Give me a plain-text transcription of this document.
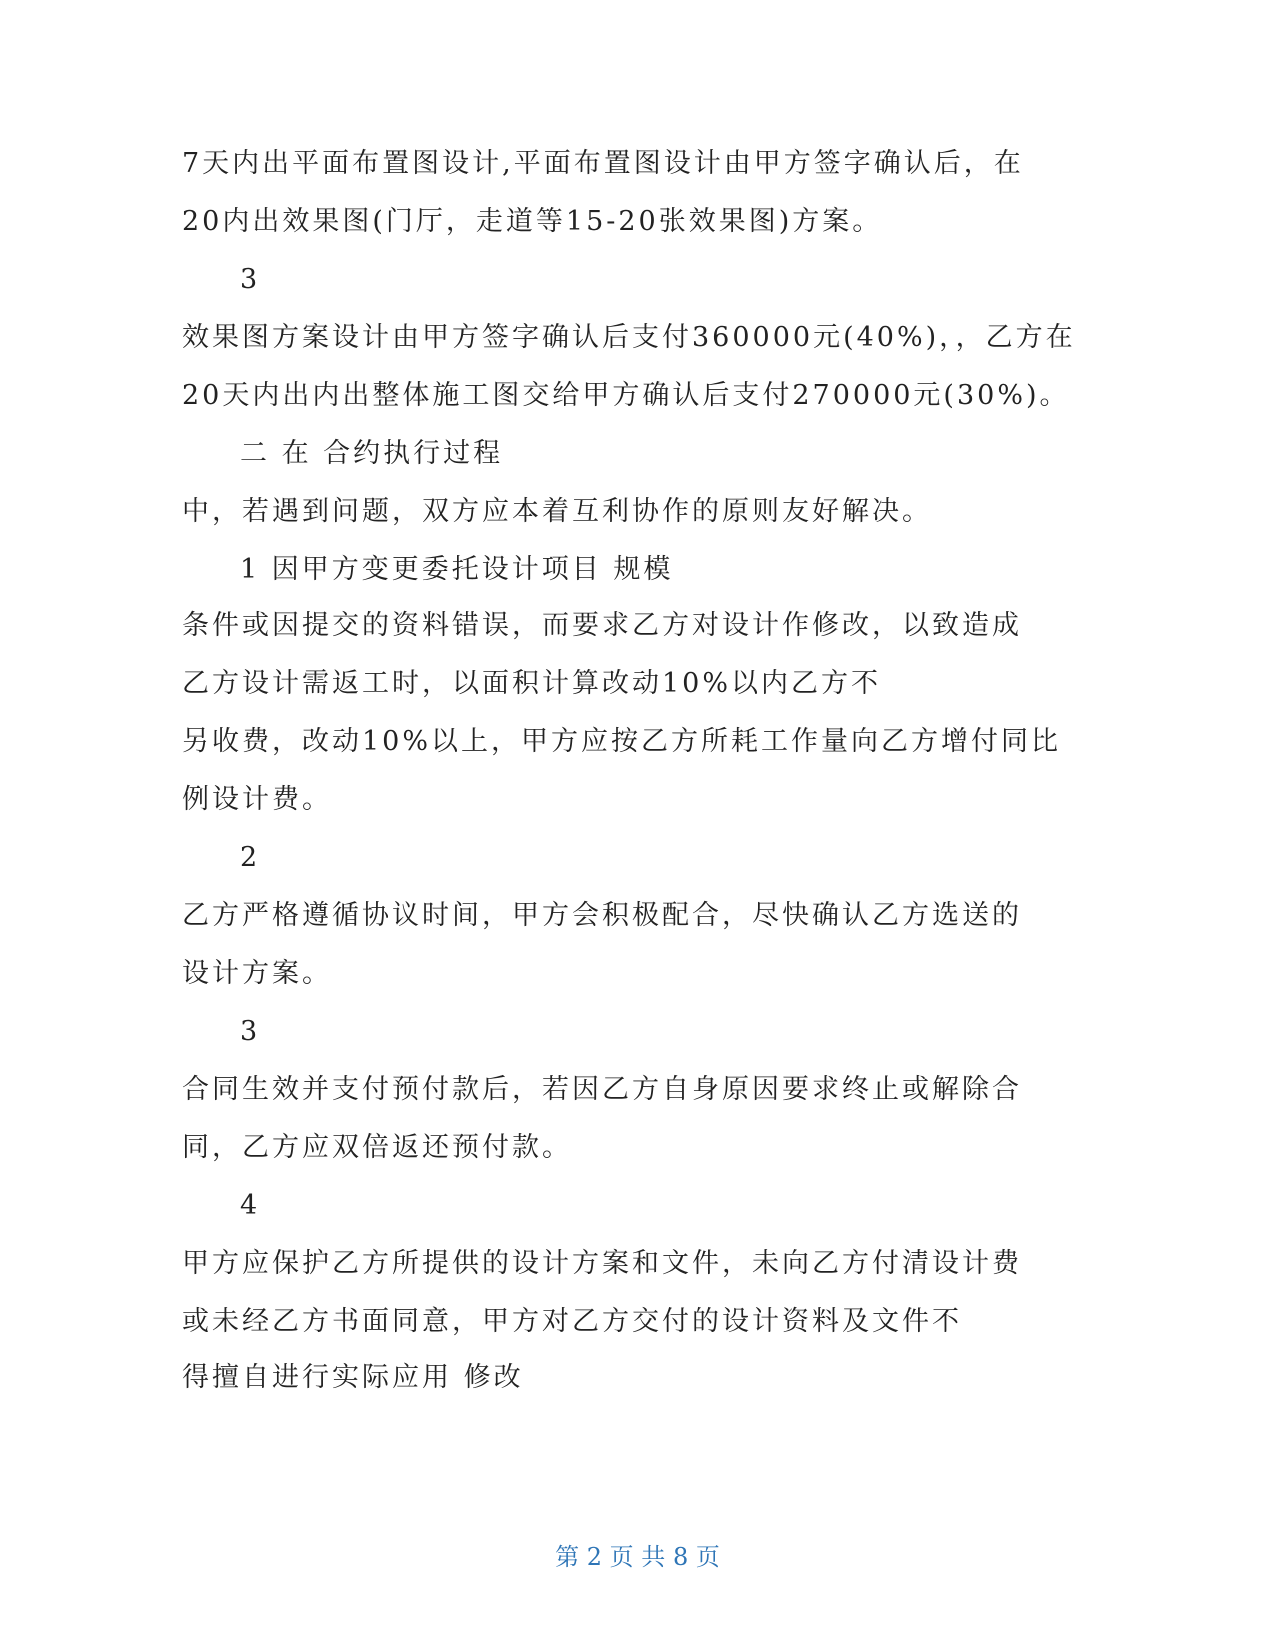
7天内出平面布置图设计,平面布置图设计由甲方签字确认后，在
20内出效果图(门厅，走道等15-20张效果图)方案。
3
效果图方案设计由甲方签字确认后支付360000元(40%)，，乙方在
20天内出内出整体施工图交给甲方确认后支付270000元(30%)。
二 在 合约执行过程
中，若遇到问题，双方应本着互利协作的原则友好解决。
1 因甲方变更委托设计项目 规模
条件或因提交的资料错误，而要求乙方对设计作修改，以致造成
乙方设计需返工时，以面积计算改动10%以内乙方不
另收费，改动10%以上，甲方应按乙方所耗工作量向乙方增付同比
例设计费。
2
乙方严格遵循协议时间，甲方会积极配合，尽快确认乙方选送的
设计方案。
3
合同生效并支付预付款后，若因乙方自身原因要求终止或解除合
同，乙方应双倍返还预付款。
4
甲方应保护乙方所提供的设计方案和文件，未向乙方付清设计费
或未经乙方书面同意，甲方对乙方交付的设计资料及文件不
得擅自进行实际应用 修改
第 2 页 共 8 页
